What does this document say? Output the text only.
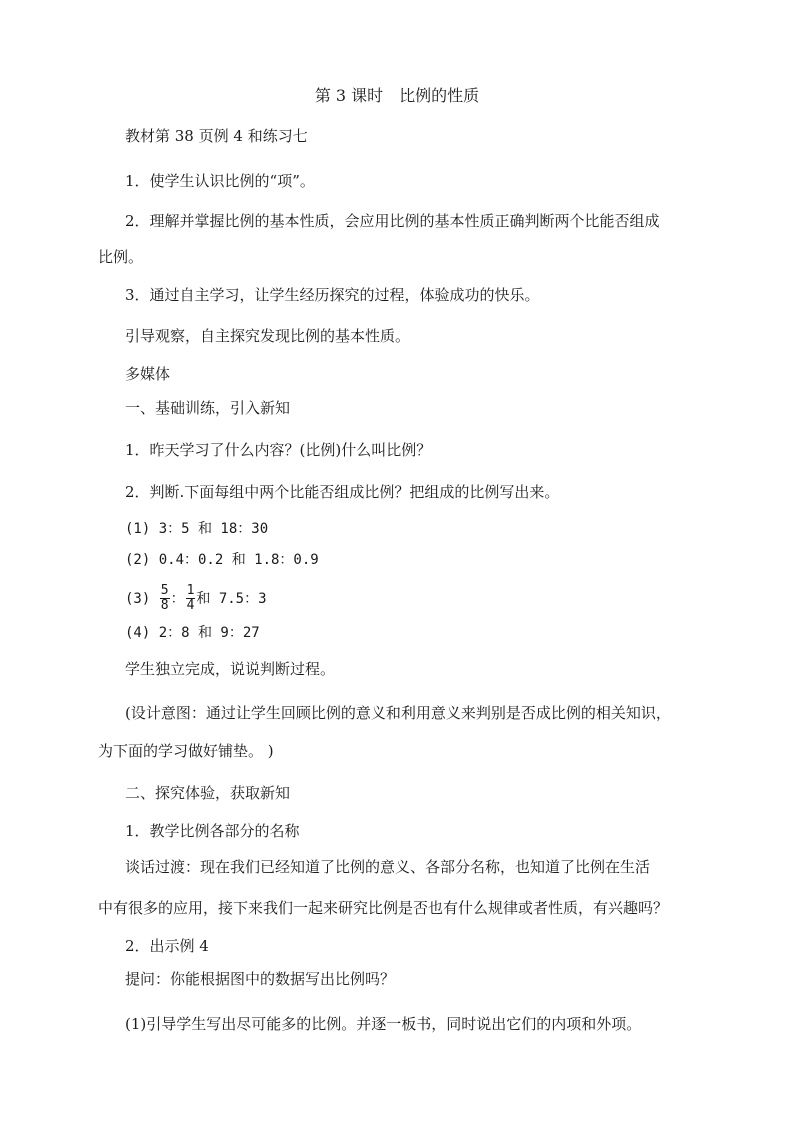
第 3 课时　比例的性质
教材第 38 页例 4 和练习七
1．使学生认识比例的“项”。
2．理解并掌握比例的基本性质，会应用比例的基本性质正确判断两个比能否组成
比例。
3．通过自主学习，让学生经历探究的过程，体验成功的快乐。
引导观察，自主探究发现比例的基本性质。
多媒体
一、基础训练，引入新知
1．昨天学习了什么内容？(比例)什么叫比例？
2．判断.下面每组中两个比能否组成比例？把组成的比例写出来。
(1) 3：5 和 18：30
(2) 0.4：0.2 和 1.8：0.9
$(3) \frac{5}{8}$ ： $\frac{1}{4}$ 和 7.5：3
(4) 2：8 和 9：27
学生独立完成，说说判断过程。
(设计意图：通过让学生回顾比例的意义和利用意义来判别是否成比例的相关知识，
为下面的学习做好铺垫。 )
二、探究体验，获取新知
1．教学比例各部分的名称
谈话过渡：现在我们已经知道了比例的意义、各部分名称，也知道了比例在生活
中有很多的应用，接下来我们一起来研究比例是否也有什么规律或者性质，有兴趣吗？
2．出示例 4
提问：你能根据图中的数据写出比例吗？
(1)引导学生写出尽可能多的比例。并逐一板书，同时说出它们的内项和外项。
